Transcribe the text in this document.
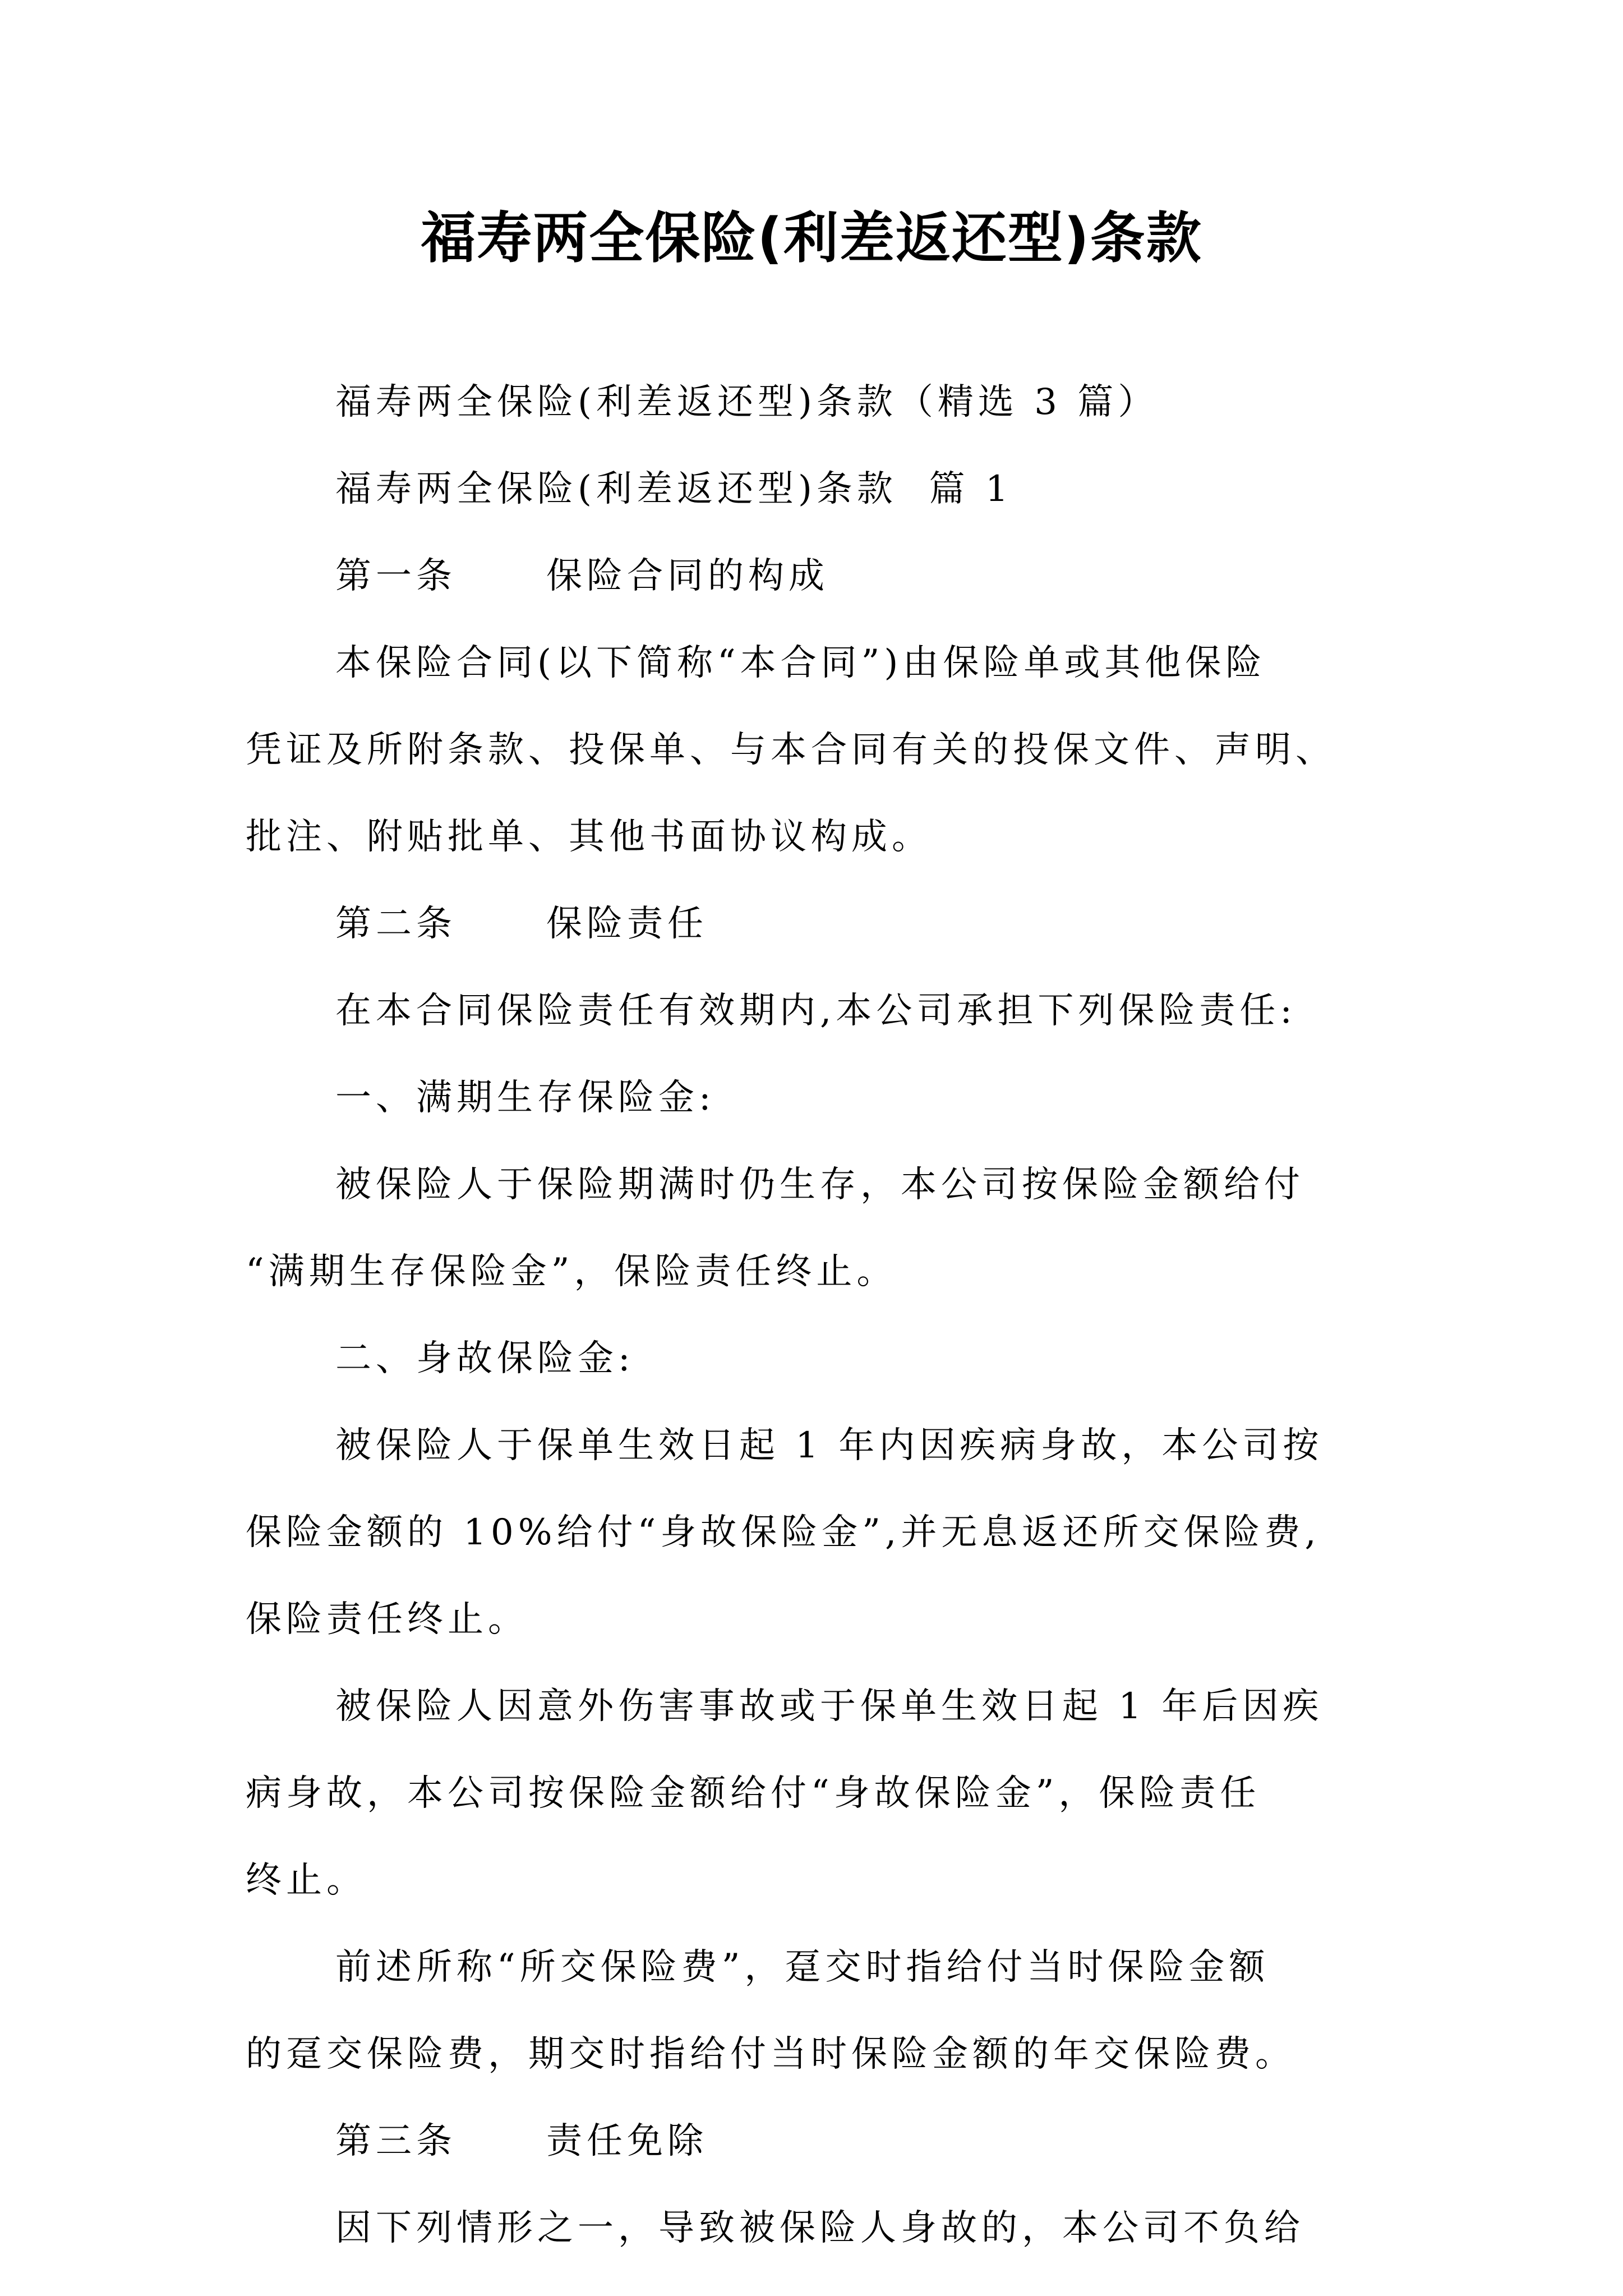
福寿两全保险(利差返还型)条款
福寿两全保险(利差返还型)条款（精选 3 篇）
福寿两全保险(利差返还型)条款  篇 1
第一条	保险合同的构成
本保险合同(以下简称“本合同”)由保险单或其他保险
凭证及所附条款、投保单、与本合同有关的投保文件、声明、
批注、附贴批单、其他书面协议构成。
第二条	保险责任
在本合同保险责任有效期内,本公司承担下列保险责任:
一、满期生存保险金:
被保险人于保险期满时仍生存，本公司按保险金额给付
“满期生存保险金”，保险责任终止。
二、身故保险金:
被保险人于保单生效日起 1 年内因疾病身故，本公司按
保险金额的 10%给付“身故保险金”,并无息返还所交保险费,
保险责任终止。
被保险人因意外伤害事故或于保单生效日起 1 年后因疾
病身故，本公司按保险金额给付“身故保险金”，保险责任
终止。
前述所称“所交保险费”，趸交时指给付当时保险金额
的趸交保险费，期交时指给付当时保险金额的年交保险费。
第三条	责任免除
因下列情形之一，导致被保险人身故的，本公司不负给
